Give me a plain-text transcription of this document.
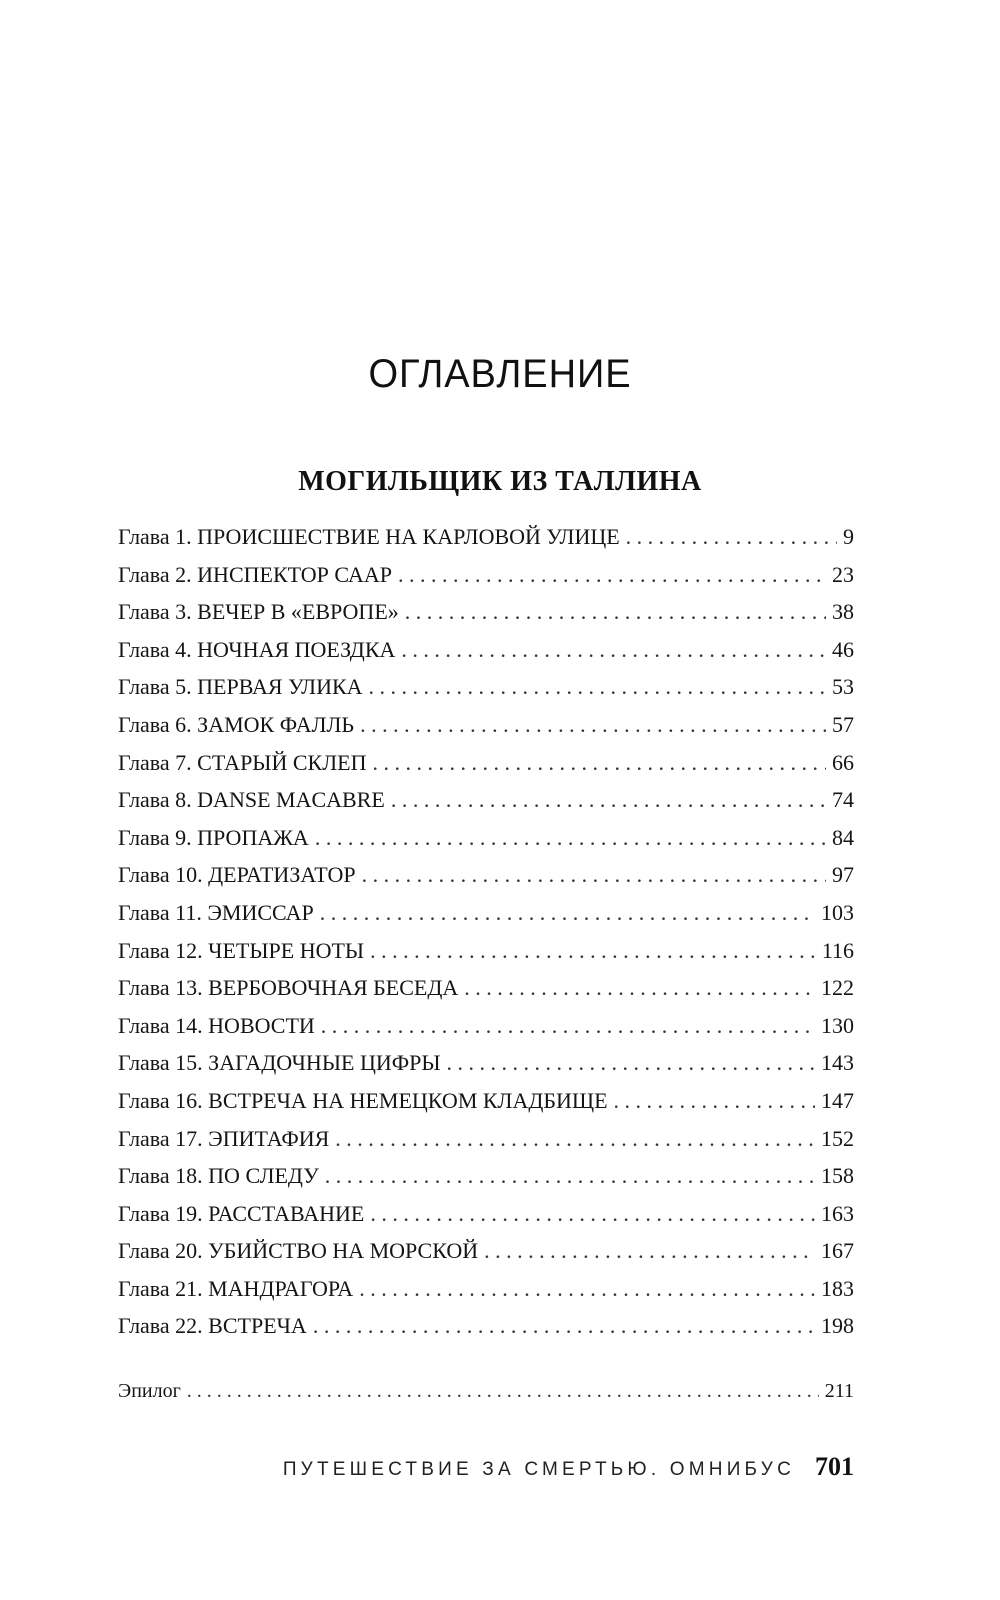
ОГЛАВЛЕНИЕ
МОГИЛЬЩИК ИЗ ТАЛЛИНА
Глава 1. ПРОИСШЕСТВИЕ НА КАРЛОВОЙ УЛИЦЕ . . .	9
Глава 2. ИНСПЕКТОР СААР . . .	23
Глава 3. ВЕЧЕР В «ЕВРОПЕ» . . .	38
Глава 4. НОЧНАЯ ПОЕЗДКА . . .	46
Глава 5. ПЕРВАЯ УЛИКА . . .	53
Глава 6. ЗАМОК ФАЛЛЬ . . .	57
Глава 7. СТАРЫЙ СКЛЕП . . .	66
Глава 8. DANSE MACABRE . . .	74
Глава 9. ПРОПАЖА . . .	84
Глава 10. ДЕРАТИЗАТОР . . .	97
Глава 11. ЭМИССАР . . .	103
Глава 12. ЧЕТЫРЕ НОТЫ . . .	116
Глава 13. ВЕРБОВОЧНАЯ БЕСЕДА . . .	122
Глава 14. НОВОСТИ . . .	130
Глава 15. ЗАГАДОЧНЫЕ ЦИФРЫ . . .	143
Глава 16. ВСТРЕЧА НА НЕМЕЦКОМ КЛАДБИЩЕ . . .	147
Глава 17. ЭПИТАФИЯ . . .	152
Глава 18. ПО СЛЕДУ . . .	158
Глава 19. РАССТАВАНИЕ . . .	163
Глава 20. УБИЙСТВО НА МОРСКОЙ . . .	167
Глава 21. МАНДРАГОРА . . .	183
Глава 22. ВСТРЕЧА . . .	198
Эпилог . . .	211
ПУТЕШЕСТВИЕ ЗА СМЕРТЬЮ. ОМНИБУС 701
